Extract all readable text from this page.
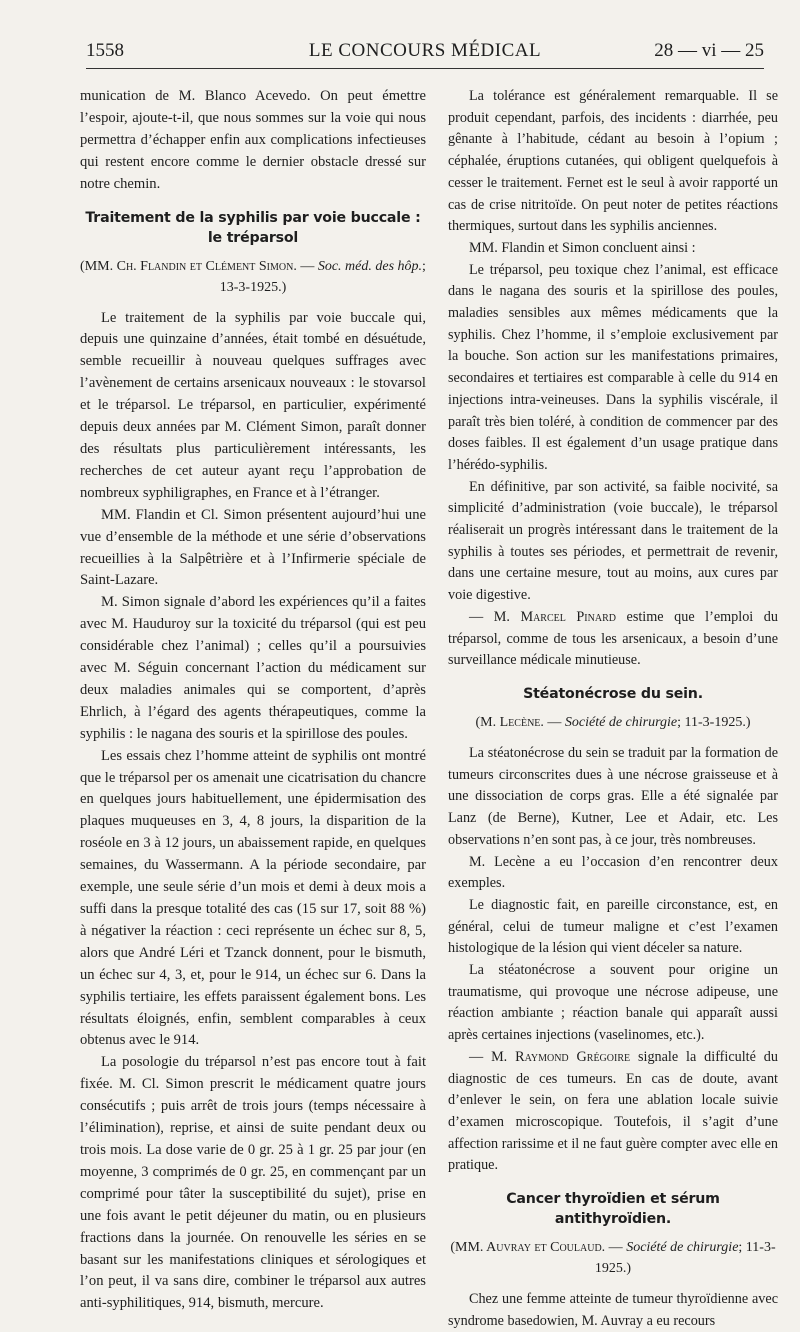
1558	LE CONCOURS MÉDICAL	28 — vi — 25

munication de M. Blanco Acevedo. On peut émettre l’espoir, ajoute-t-il, que nous sommes sur la voie qui nous permettra d’échapper enfin aux complications infectieuses qui restent encore comme le dernier obstacle dressé sur notre chemin.

Traitement de la syphilis par voie buccale : le tréparsol
(MM. Ch. Flandin et Clément Simon. — Soc. méd. des hôp.; 13-3-1925.)

Le traitement de la syphilis par voie buccale qui, depuis une quinzaine d’années, était tombé en désuétude, semble recueillir à nouveau quelques suffrages avec l’avènement de certains arsenicaux nouveaux : le stovarsol et le tréparsol. Le tréparsol, en particulier, expérimenté depuis deux années par M. Clément Simon, paraît donner des résultats plus particulièrement intéressants, les recherches de cet auteur ayant reçu l’approbation de nombreux syphiligraphes, en France et à l’étranger.

MM. Flandin et Cl. Simon présentent aujourd’hui une vue d’ensemble de la méthode et une série d’observations recueillies à la Salpêtrière et à l’Infirmerie spéciale de Saint-Lazare.

M. Simon signale d’abord les expériences qu’il a faites avec M. Hauduroy sur la toxicité du tréparsol (qui est peu considérable chez l’animal) ; celles qu’il a poursuivies avec M. Séguin concernant l’action du médicament sur deux maladies animales qui se comportent, d’après Ehrlich, à l’égard des agents thérapeutiques, comme la syphilis : le nagana des souris et la spirillose des poules.

Les essais chez l’homme atteint de syphilis ont montré que le tréparsol per os amenait une cicatrisation du chancre en quelques jours habituellement, une épidermisation des plaques muqueuses en 3, 4, 8 jours, la disparition de la roséole en 3 à 12 jours, un abaissement rapide, en quelques semaines, du Wassermann. A la période secondaire, par exemple, une seule série d’un mois et demi à deux mois a suffi dans la presque totalité des cas (15 sur 17, soit 88 %) à négativer la réaction : ceci représente un échec sur 8, 5, alors que André Léri et Tzanck donnent, pour le bismuth, un échec sur 4, 3, et, pour le 914, un échec sur 6. Dans la syphilis tertiaire, les effets paraissent également bons. Les résultats éloignés, enfin, semblent comparables à ceux obtenus avec le 914.

La posologie du tréparsol n’est pas encore tout à fait fixée. M. Cl. Simon prescrit le médicament quatre jours consécutifs ; puis arrêt de trois jours (temps nécessaire à l’élimination), reprise, et ainsi de suite pendant deux ou trois mois. La dose varie de 0 gr. 25 à 1 gr. 25 par jour (en moyenne, 3 comprimés de 0 gr. 25, en commençant par un comprimé pour tâter la susceptibilité du sujet), prise en une fois avant le petit déjeuner du matin, ou en plusieurs fractions dans la journée. On renouvelle les séries en se basant sur les manifestations cliniques et sérologiques et l’on peut, il va sans dire, combiner le tréparsol aux autres anti-syphilitiques, 914, bismuth, mercure.

La tolérance est généralement remarquable. Il se produit cependant, parfois, des incidents : diarrhée, peu gênante à l’habitude, cédant au besoin à l’opium ; céphalée, éruptions cutanées, qui obligent quelquefois à cesser le traitement. Fernet est le seul à avoir rapporté un cas de crise nitritoïde. On peut noter de petites réactions thermiques, surtout dans les syphilis anciennes.

MM. Flandin et Simon concluent ainsi :

Le tréparsol, peu toxique chez l’animal, est efficace dans le nagana des souris et la spirillose des poules, maladies sensibles aux mêmes médicaments que la syphilis. Chez l’homme, il s’emploie exclusivement par la bouche. Son action sur les manifestations primaires, secondaires et tertiaires est comparable à celle du 914 en injections intra-veineuses. Dans la syphilis viscérale, il paraît très bien toléré, à condition de commencer par des doses faibles. Il est également d’un usage pratique dans l’hérédo-syphilis.

En définitive, par son activité, sa faible nocivité, sa simplicité d’administration (voie buccale), le tréparsol réaliserait un progrès intéressant dans le traitement de la syphilis à toutes ses périodes, et permettrait de revenir, dans une certaine mesure, tout au moins, aux cures par voie digestive.

— M. Marcel Pinard estime que l’emploi du tréparsol, comme de tous les arsenicaux, a besoin d’une surveillance médicale minutieuse.

Stéatonécrose du sein.
(M. Lecène. — Société de chirurgie; 11-3-1925.)

La stéatonécrose du sein se traduit par la formation de tumeurs circonscrites dues à une nécrose graisseuse et à une dissociation de corps gras. Elle a été signalée par Lanz (de Berne), Kutner, Lee et Adair, etc. Les observations n’en sont pas, à ce jour, très nombreuses.

M. Lecène a eu l’occasion d’en rencontrer deux exemples.

Le diagnostic fait, en pareille circonstance, est, en général, celui de tumeur maligne et c’est l’examen histologique de la lésion qui vient déceler sa nature.

La stéatonécrose a souvent pour origine un traumatisme, qui provoque une nécrose adipeuse, une réaction ambiante ; réaction banale qui apparaît aussi après certaines injections (vaselinomes, etc.).

— M. Raymond Grégoire signale la difficulté du diagnostic de ces tumeurs. En cas de doute, avant d’enlever le sein, on fera une ablation locale suivie d’examen microscopique. Toutefois, il s’agit d’une affection rarissime et il ne faut guère compter avec elle en pratique.

Cancer thyroïdien et sérum antithyroïdien.
(MM. Auvray et Coulaud. — Société de chirurgie; 11-3-1925.)

Chez une femme atteinte de tumeur thyroïdienne avec syndrome basedowien, M. Auvray a eu recours
